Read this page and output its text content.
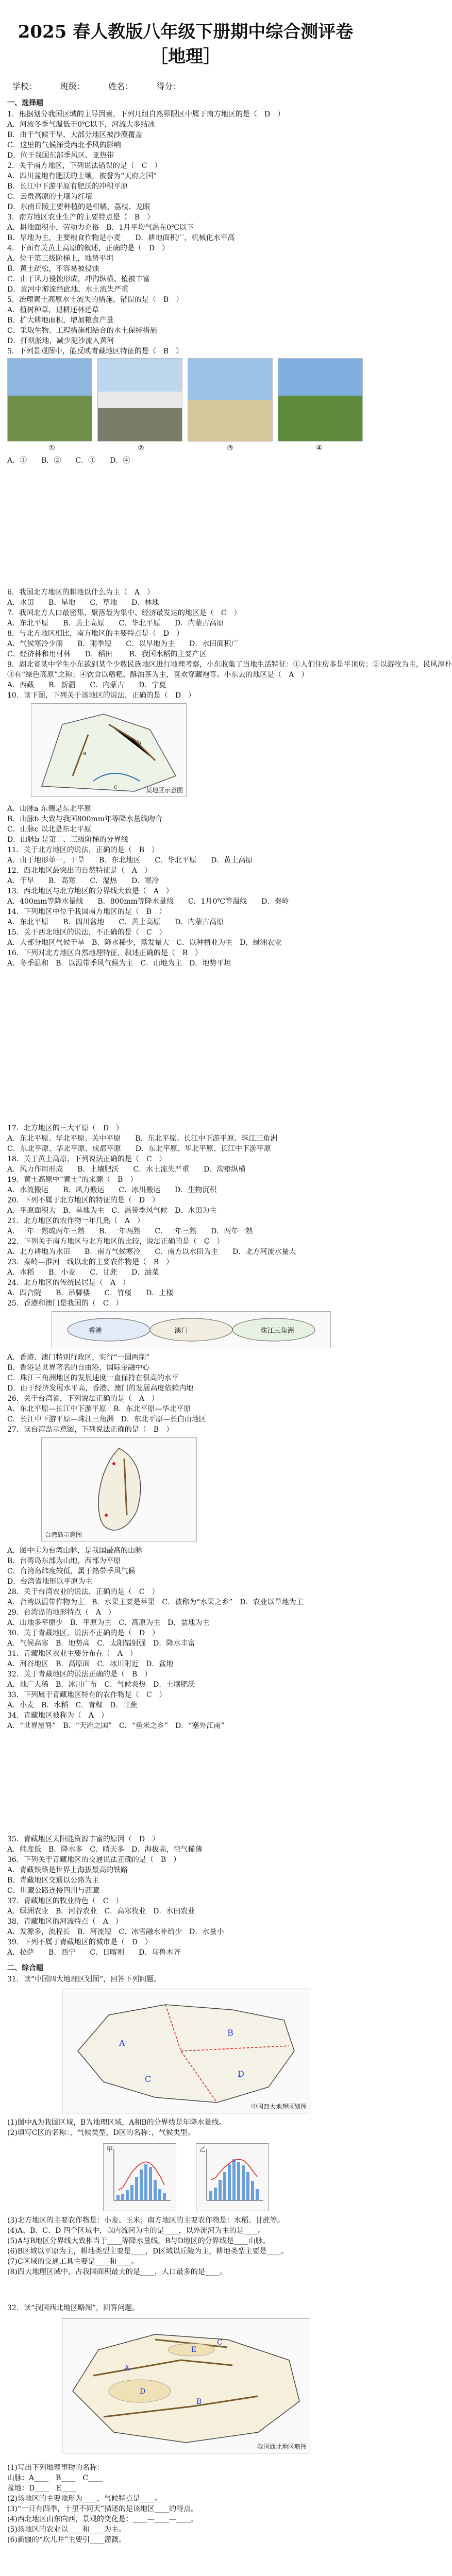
2025 春人教版八年级下册期中综合测评卷
［地理］
学校：	班级：	姓名：	得分：
一、选择题
1．根据划分我国区域的主导因素，下列几组自然界限区中属于南方地区的是（　D　）
A．河流冬季气温低于0℃以下，河流大多结冰
B．由于气候干旱，大部分地区被沙漠覆盖
C．这里的气候深受西北季风的影响
D．位于我国东部季风区、亚热带
2．关于南方地区，下列说法错误的是（　C　）
A．四川盆地有肥沃的土壤，被誉为“天府之国”
B．长江中下游平原有肥沃的冲积平原
C．云贵高原的土壤为红壤
D．东南丘陵主要种植的是柑橘、荔枝、龙眼
3．南方地区农业生产的主要特点是（　B　）
A．耕地面积小，劳动力充裕　B．1月平均气温在0℃以下
B．旱地为主，主要粮食作物是小麦　　D．耕地面积广，机械化水平高
4．下面有关黄土高原的叙述，正确的是（　D　）
A．位于第三级阶梯上，地势平坦
B．黄土疏松，不容易被侵蚀
C．由于风力侵蚀形成，冲沟纵横、植被丰富
D．黄河中游流经此地，水土流失严重
5．治理黄土高原水土流失的措施，错误的是（　B　）
A．植树种草，退耕还林还草
B．扩大耕地面积，增加粮食产量
C．采取生物、工程措施相结合的水土保持措施
D．打坝淤地，减少泥沙流入黄河
5．下列景观图中，能反映青藏地区特征的是（　B　）
①	②	③	④
A．①　　B．②　　C．③　　D．④
6．我国北方地区的耕地以什么为主（　A　）
A．水田　　B．旱地　　C．草地　　D．林地
7．我国北方人口最密集、聚落最为集中、经济最发达的地区是（　C　）
A．东北平原　　B．黄土高原　　C．华北平原　　D．内蒙古高原
8．与北方地区相比，南方地区的主要特点是（　D　）
A．气候寒冷少雨　　B．雨季短　　C．以旱地为主　　D．水田面积广
C．经济林和用材林　　D．稻田 　　B．我国水稻的主要产区
9．湖北省某中学生小东欲到某个少数民族地区进行地理考察，小东收集了当地生活特征：①人们住房多是平顶房；②以游牧为主，民风淳朴
③有“绿色高原”之称；④饮食以糌粑、酥油茶为主，喜欢穿藏袍等。小东去的地区是（　A　）
A．西藏　　B．新疆　　C．内蒙古　　D．宁夏
10．读下图，下列关于该地区的说法，正确的是（　D　）
a
b
c	某地区示意图
A．山脉a 东侧是东北平原
B．山脉b 大致与我国800mm年等降水量线吻合
C．山脉c 以北是东北平原
D．山脉b 是第二、三级阶梯的分界线
11．关于北方地区的说法，正确的是（　B　）
A．由于地形单一，干旱　　B．东北地区　　C．华北平原　　D．黄土高原
12．西北地区最突出的自然特征是（　A　）
A．干旱　　B．高寒　　C．湿热　　D．寒冷
13．西北地区与北方地区的分界线大致是（　A　）
A．400mm等降水量线　　B．800mm等降水量线　　C．1月0℃等温线　　D．秦岭
14．下列地区中位于我国南方地区的是（　B　）
A．东北平原　　B．四川盆地　　C．黄土高原　　D．内蒙古高原
15．关于西北地区的说法，不正确的是（　C　）
A．大部分地区气候干旱　B．降水稀少，蒸发量大　C．以种植业为主　D．绿洲农业
16．下列对北方地区自然地理特征，叙述正确的是（　B　）
A．冬季温和　B．以温带季风气候为主　C．山地为主　D．地势平坦
17．北方地区的三大平原（　D　）
A．东北平原、华北平原、关中平原　　B．东北平原、长江中下游平原、珠江三角洲
C．东北平原、华北平原、成都平原　　D．东北平原、华北平原、长江中下游平原
18．关于黄土高原，下列说法正确的是（　C　）
A．风力作用形成　　B．土壤肥沃　　C．水土流失严重　　D．沟壑纵横
19．黄土高原中“黄土”的来源（　B　）
A．水流搬运　　B．风力搬运　　C．冰川搬运　　D．生物沉积
20．下列不属于北方地区的特征的是（　D　）
A．平原面积大　B．旱地为主　C．温带季风气候　D．水田为主
21．北方地区的农作物一年几熟（　A　）
A．一年一熟或两年三熟　　B．一年两熟　　C．一年三熟　　D．两年一熟
22．下列关于南方地区与北方地区的比较，说法正确的是（　C　）
A．北方耕地为水田　　B．南方气候寒冷　　C．南方以水田为主　　D．北方河流水量大
23．秦岭—淮河一线以北的主要农作物是（　B　）
A．水稻　　B．小麦　　C．甘蔗　　D．油菜
24．北方地区的传统民居是（　A　）
A．四合院　　B．吊脚楼　　C．竹楼　　D．土楼
25．香港和澳门是我国的（　C　）
香港	澳门	珠江三角洲
A．香港、澳门特别行政区，实行“一国两制”
B．香港是世界著名的自由港，国际金融中心
C．珠江三角洲地区的发展速度一直保持在很高的水平
D．由于经济发展水平高，香港、澳门的发展高度依赖内地
26．关于台湾省，下列说法正确的是（　A　）
A．东北平原—长江中下游平原　B．东北平原—华北平原
C．长江中下游平原—珠江三角洲　D．东北平原—长白山地区
27．读台湾岛示意图，下列说法正确的是（　B　）
台湾岛示意图
A．图中①为台湾山脉，是我国最高的山脉
B．台湾岛东部为山地，西部为平原
C．台湾岛纬度较低，属于热带季风气候
D．台湾省地形以平原为主
28．关于台湾农业的说法，正确的是（　C　）
A．台湾以温带作物为主　B．水果主要是苹果　C．被称为“水果之乡”　D．农业以旱地为主
29．台湾岛的地形特点（　A　）
A．山地多平原少　B．平原为主　C．高原为主　D．盆地为主
30．关于青藏地区，说法不正确的是（　D　）
A．气候高寒　B．地势高　C．太阳辐射强　D．降水丰富
31．青藏地区农业主要分布在（　A　）
A．河谷地区　B．高原面　C．冰川附近　D．盆地
32．关于青藏地区的说法正确的是（　B　）
A．地广人稀　B．冰川广布　C．气候炎热　D．土壤肥沃
33．下列属于青藏地区特有的农作物是（　C　）
A．小麦　B．水稻　C．青稞　D．甘蔗
34．青藏地区被称为（　A　）
A．“世界屋脊”　B．“天府之国”　C．“鱼米之乡”　D．“塞外江南”
35．青藏地区太阳能资源丰富的原因（　D　）
A．纬度低　B．降水多　C．晴天多　D．海拔高，空气稀薄
36．下列关于青藏地区的交通说法正确的是（　B　）
A．青藏铁路是世界上海拔最高的铁路
B．青藏地区交通以公路为主
C．川藏公路连接四川与西藏
37．青藏地区的牧业特色（　C　）
A．绿洲农业　B．河谷农业　C．高寒牧业　D．水田农业
38．青藏地区的河流特点（　A　）
A．发源多，流程长　B．河流短　C．冰雪融水补给少　D．水量小
39．下列不属于青藏地区的城市是（　D　）
A．拉萨　　B．西宁　　C．日喀则　　D．乌鲁木齐
二、综合题
31．读“中国四大地理区划图”，回答下列问题。
A
B
C
D
中国四大地理区划图
(1)图中A为我国区域，B为地理区域，A和B的分界线是年降水量线。
(2)填写C区的名称：，气候类型，D区的名称：，气候类型。
甲	乙
(3)北方地区的主要农作物是：小麦、玉米；南方地区的主要农作物是：水稻、甘蔗等。
(4)A、B、C、D 四个区域中，以内流河为主的是____，以外流河为主的是____。
(5)A与B地区分界线大致相当于____等降水量线，B与D地区的分界线是____山脉。
(6)B区域以平原为主，耕地类型主要是____，D区域以丘陵为主，耕地类型主要是____。
(7)C区域的交通工具主要是____和____。
(8)四大地理区域中，占我国面积最大的是____，人口最多的是____。
32．读“我国西北地区略图”，回答问题。
A
B
C
D
E
我国西北地区略图
(1)写出下列地理事物的名称：
山脉：A____　B____　C____
盆地：D____　E____
(2)该地区的主要地形为____，气候特点是____。
(3)“一日有四季，十里不同天”描述的是该地区____的特点。
(4)西北地区由东向西，景观的变化是：____—____—____。
(5)该地区的农业以____和____为主。
(6)新疆的“坎儿井”主要引____灌溉。
